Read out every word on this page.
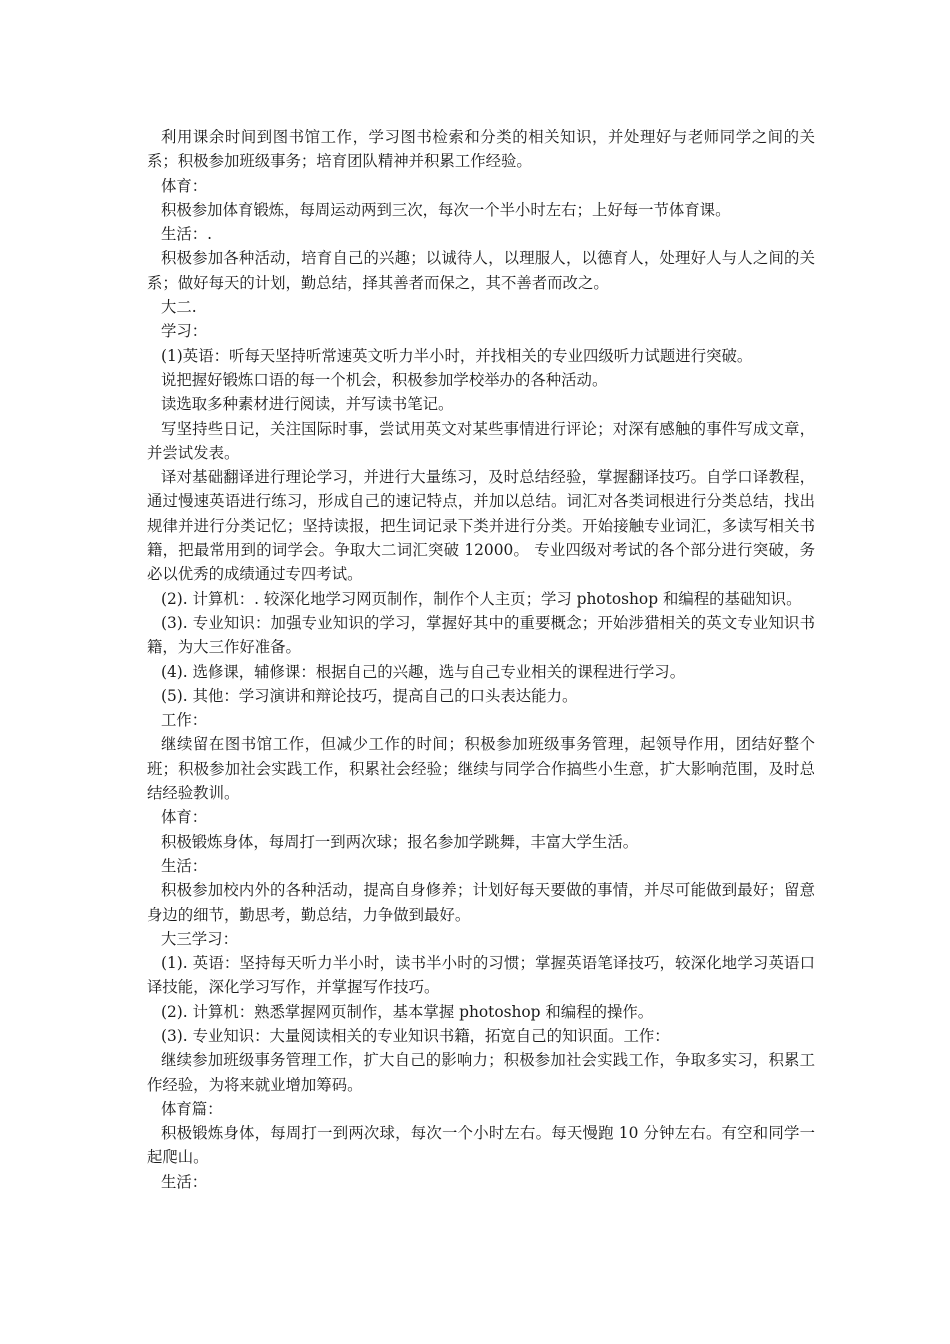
利用课余时间到图书馆工作，学习图书检索和分类的相关知识，并处理好与老师同学之间的关系；积极参加班级事务；培育团队精神并积累工作经验。

体育：

积极参加体育锻炼，每周运动两到三次，每次一个半小时左右；上好每一节体育课。

生活：.

积极参加各种活动，培育自己的兴趣；以诚待人，以理服人，以德育人，处理好人与人之间的关系；做好每天的计划，勤总结，择其善者而保之，其不善者而改之。

大二.

学习：

(1)英语：听每天坚持听常速英文听力半小时，并找相关的专业四级听力试题进行突破。

说把握好锻炼口语的每一个机会，积极参加学校举办的各种活动。

读选取多种素材进行阅读，并写读书笔记。

写坚持些日记，关注国际时事，尝试用英文对某些事情进行评论；对深有感触的事件写成文章，并尝试发表。

译对基础翻译进行理论学习，并进行大量练习，及时总结经验，掌握翻译技巧。自学口译教程，通过慢速英语进行练习，形成自己的速记特点，并加以总结。词汇对各类词根进行分类总结，找出规律并进行分类记忆；坚持读报，把生词记录下类并进行分类。开始接触专业词汇，多读写相关书籍，把最常用到的词学会。争取大二词汇突破 12000。 专业四级对考试的各个部分进行突破，务必以优秀的成绩通过专四考试。

(2). 计算机：. 较深化地学习网页制作，制作个人主页；学习 photoshop 和编程的基础知识。

(3). 专业知识：加强专业知识的学习，掌握好其中的重要概念；开始涉猎相关的英文专业知识书籍，为大三作好准备。

(4). 选修课，辅修课：根据自己的兴趣，选与自己专业相关的课程进行学习。

(5). 其他：学习演讲和辩论技巧，提高自己的口头表达能力。

工作：

继续留在图书馆工作，但减少工作的时间；积极参加班级事务管理，起领导作用，团结好整个班；积极参加社会实践工作，积累社会经验；继续与同学合作搞些小生意，扩大影响范围，及时总结经验教训。

体育：

积极锻炼身体，每周打一到两次球；报名参加学跳舞，丰富大学生活。

生活：

积极参加校内外的各种活动，提高自身修养；计划好每天要做的事情，并尽可能做到最好；留意身边的细节，勤思考，勤总结，力争做到最好。

大三学习：

(1). 英语：坚持每天听力半小时，读书半小时的习惯；掌握英语笔译技巧，较深化地学习英语口译技能，深化学习写作，并掌握写作技巧。

(2). 计算机：熟悉掌握网页制作，基本掌握 photoshop 和编程的操作。

(3). 专业知识：大量阅读相关的专业知识书籍，拓宽自己的知识面。工作：

继续参加班级事务管理工作，扩大自己的影响力；积极参加社会实践工作，争取多实习，积累工作经验，为将来就业增加筹码。

体育篇：

积极锻炼身体，每周打一到两次球，每次一个小时左右。每天慢跑 10 分钟左右。有空和同学一起爬山。

生活：
